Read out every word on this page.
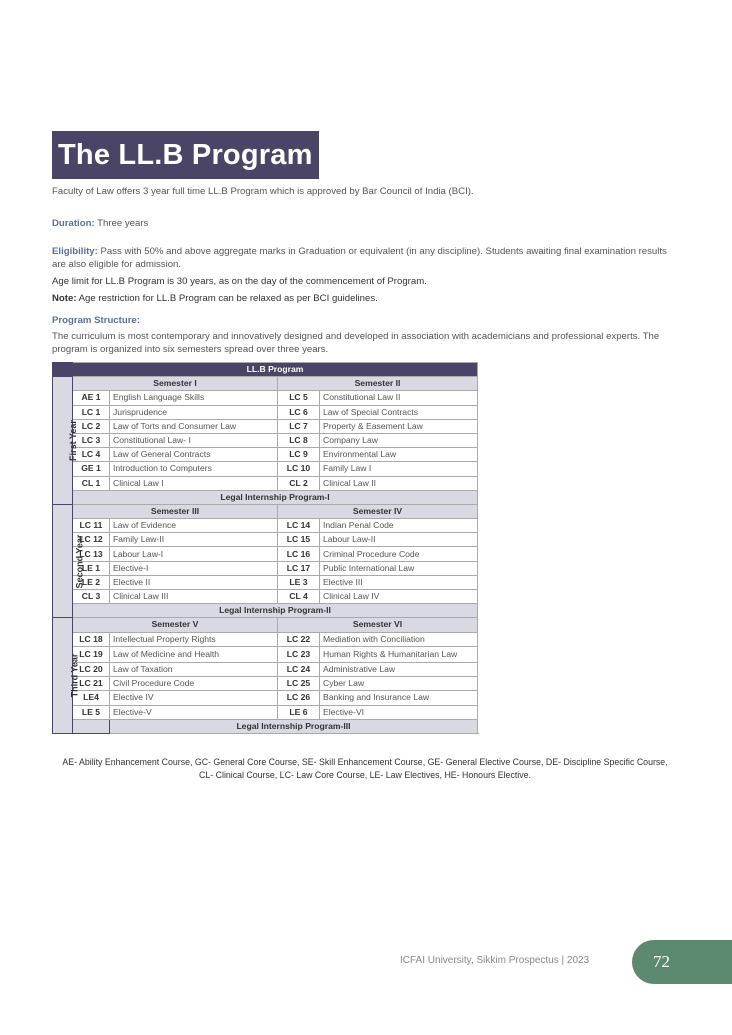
The LL.B Program
Faculty of Law offers 3 year full time LL.B Program which is approved by Bar Council of India (BCI).
Duration: Three years
Eligibility: Pass with 50% and above aggregate marks in Graduation or equivalent (in any discipline). Students awaiting final examination results are also eligible for admission.
Age limit for LL.B Program is 30 years, as on the day of the commencement of Program.
Note: Age restriction for LL.B Program can be relaxed as per BCI guidelines.
Program Structure:
The curriculum is most contemporary and innovatively designed and developed in association with academicians and professional experts. The program is organized into six semesters spread over three years.
	LL.B Program			
First Year	Semester I		Semester II	
	AE 1	English Language Skills	LC 5	Constitutional Law II
	LC 1	Jurisprudence	LC 6	Law of Special Contracts
	LC 2	Law of Torts and Consumer Law	LC 7	Property & Easement Law
	LC 3	Constitutional Law- I	LC 8	Company Law
	LC 4	Law of General Contracts	LC 9	Environmental Law
	GE 1	Introduction to Computers	LC 10	Family Law I
	CL 1	Clinical Law I	CL 2	Clinical Law II
	Legal Internship Program-I			
Second Year	Semester III		Semester IV	
	LC 11	Law of Evidence	LC 14	Indian Penal Code
	LC 12	Family Law-II	LC 15	Labour Law-II
	LC 13	Labour Law-I	LC 16	Criminal Procedure Code
	LE 1	Elective-I	LC 17	Public International Law
	LE 2	Elective II	LE 3	Elective III
	CL 3	Clinical Law III	CL 4	Clinical Law IV
	Legal Internship Program-II			
Third Year	Semester V		Semester VI	
	LC 18	Intellectual Property Rights	LC 22	Mediation with Conciliation
	LC 19	Law of Medicine and Health	LC 23	Human Rights & Humanitarian Law
	LC 20	Law of Taxation	LC 24	Administrative Law
	LC 21	Civil Procedure Code	LC 25	Cyber Law
	LE4	Elective IV	LC 26	Banking and Insurance Law
	LE 5	Elective-V	LE 6	Elective-VI
		Legal Internship Program-III		
AE- Ability Enhancement Course, GC- General Core Course, SE- Skill Enhancement Course, GE- General Elective Course, DE- Discipline Specific Course, CL- Clinical Course, LC- Law Core Course, LE- Law Electives, HE- Honours Elective.
ICFAI University, Sikkim Prospectus | 2023	72
